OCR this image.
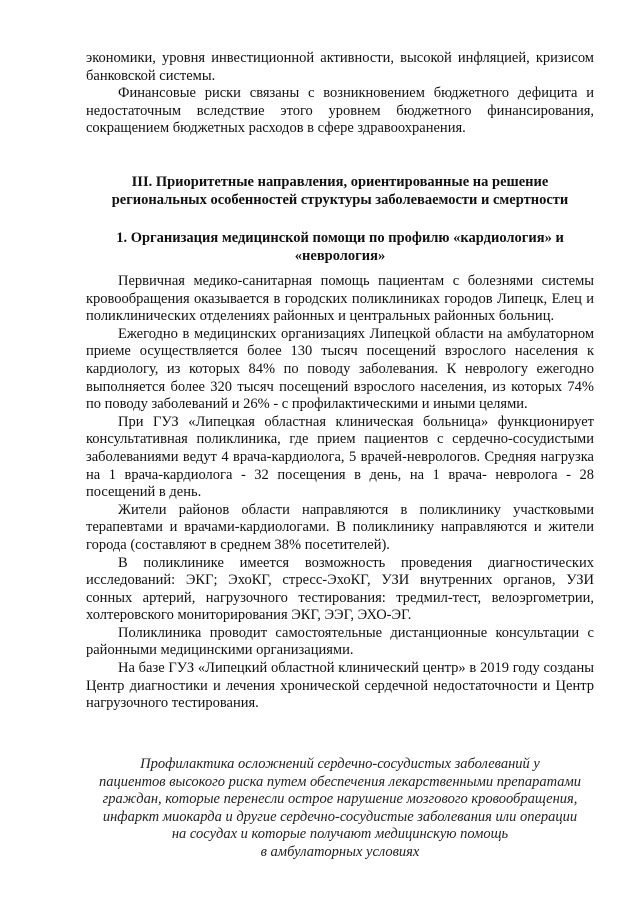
экономики, уровня инвестиционной активности, высокой инфляцией, кризисом банковской системы.

Финансовые риски связаны с возникновением бюджетного дефицита и недостаточным вследствие этого уровнем бюджетного финансирования, сокращением бюджетных расходов в сфере здравоохранения.

III. Приоритетные направления, ориентированные на решение региональных особенностей структуры заболеваемости и смертности

1. Организация медицинской помощи по профилю «кардиология» и «неврология»

Первичная медико-санитарная помощь пациентам с болезнями системы кровообращения оказывается в городских поликлиниках городов Липецк, Елец и поликлинических отделениях районных и центральных районных больниц.

Ежегодно в медицинских организациях Липецкой области на амбулаторном приеме осуществляется более 130 тысяч посещений взрослого населения к кардиологу, из которых 84% по поводу заболевания. К неврологу ежегодно выполняется более 320 тысяч посещений взрослого населения, из которых 74% по поводу заболеваний и 26% - с профилактическими и иными целями.

При ГУЗ «Липецкая областная клиническая больница» функционирует консультативная поликлиника, где прием пациентов с сердечно-сосудистыми заболеваниями ведут 4 врача-кардиолога, 5 врачей-неврологов. Средняя нагрузка на 1 врача-кардиолога - 32 посещения в день, на 1 врача- невролога - 28 посещений в день.

Жители районов области направляются в поликлинику участковыми терапевтами и врачами-кардиологами. В поликлинику направляются и жители города (составляют в среднем 38% посетителей).

В поликлинике имеется возможность проведения диагностических исследований: ЭКГ; ЭхоКГ, стресс-ЭхоКГ, УЗИ внутренних органов, УЗИ сонных артерий, нагрузочного тестирования: тредмил-тест, велоэргометрии, холтеровского мониторирования ЭКГ, ЭЭГ, ЭХО-ЭГ.

Поликлиника проводит самостоятельные дистанционные консультации с районными медицинскими организациями.

На базе ГУЗ «Липецкий областной клинический центр» в 2019 году созданы Центр диагностики и лечения хронической сердечной недостаточности и Центр нагрузочного тестирования.

Профилактика осложнений сердечно-сосудистых заболеваний у

пациентов высокого риска путем обеспечения лекарственными препаратами

граждан, которые перенесли острое нарушение мозгового кровообращения,

инфаркт миокарда и другие сердечно-сосудистые заболевания или операции

на сосудах и которые получают медицинскую помощь

в амбулаторных условиях
